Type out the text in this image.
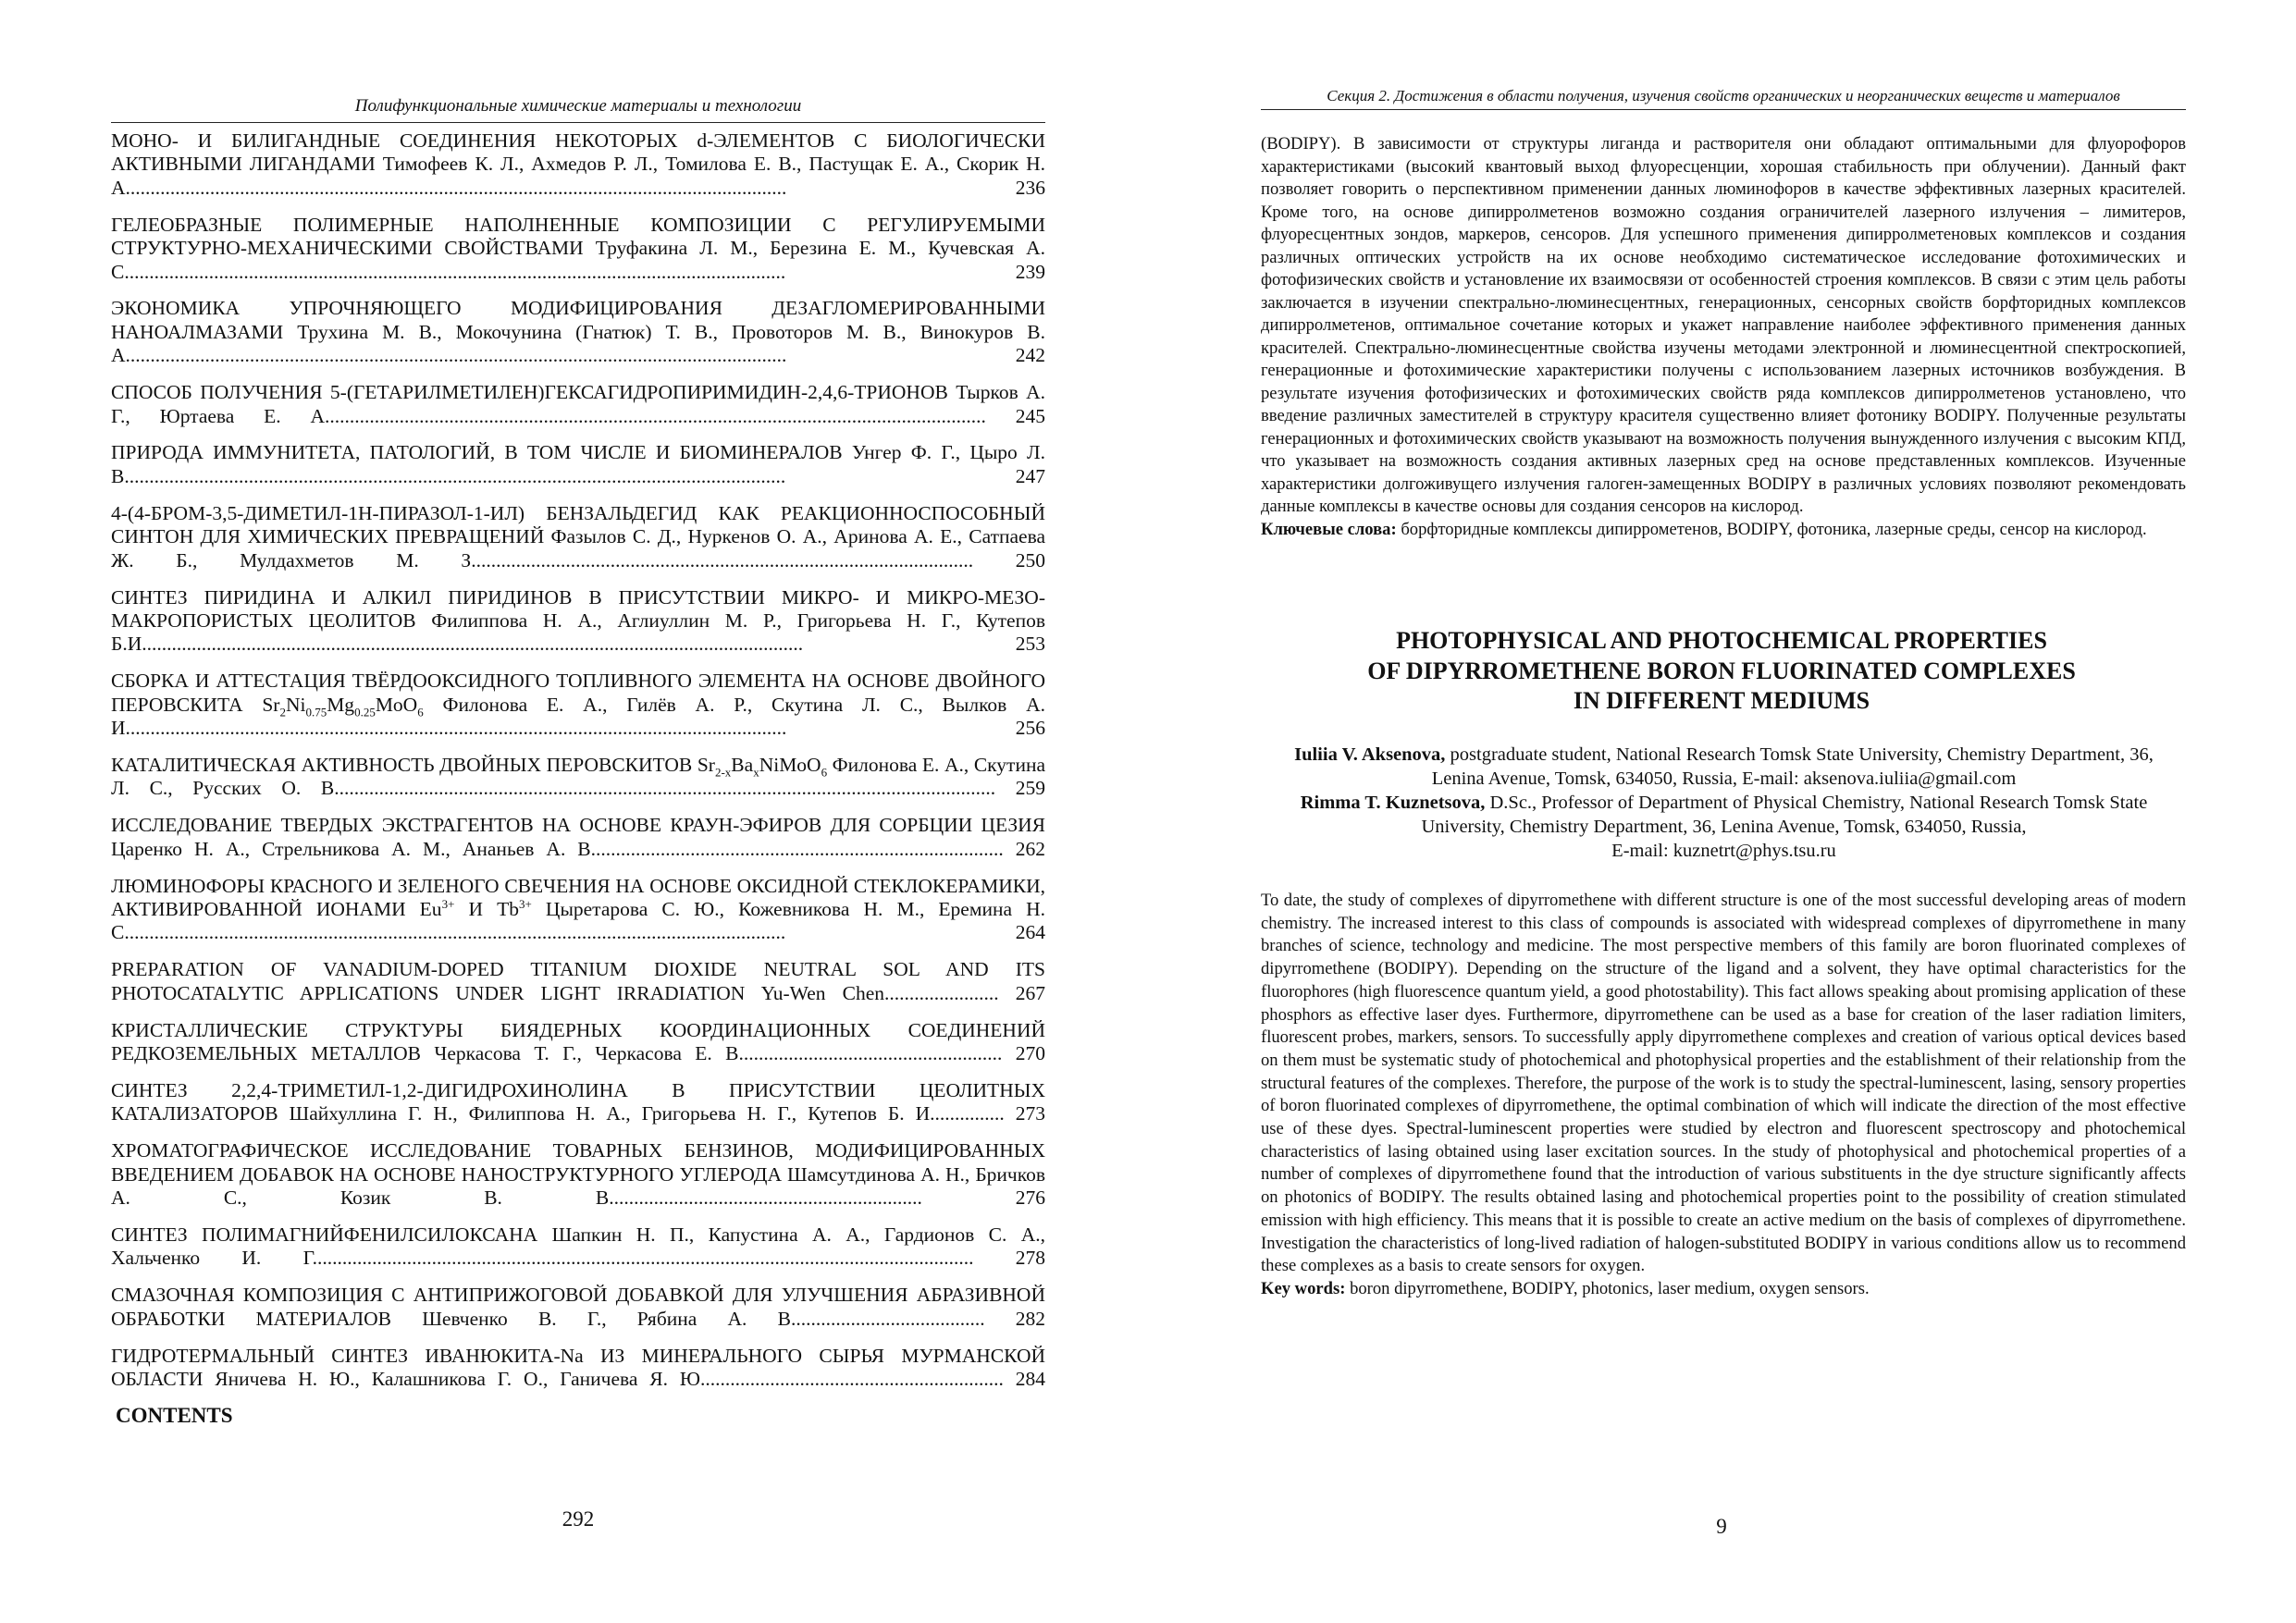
Полифункциональные химические материалы и технологии
МОНО- И БИЛИГАНДНЫЕ СОЕДИНЕНИЯ НЕКОТОРЫХ d-ЭЛЕМЕНТОВ С БИОЛОГИЧЕСКИ АКТИВНЫМИ ЛИГАНДАМИ Тимофеев К. Л., Ахмедов Р. Л., Томилова Е. В., Пастущак Е. А., Скорик Н. А.....................................................................................................................................	236
ГЕЛЕОБРАЗНЫЕ ПОЛИМЕРНЫЕ НАПОЛНЕННЫЕ КОМПОЗИЦИИ С РЕГУЛИРУЕМЫМИ СТРУКТУРНО-МЕХАНИЧЕСКИМИ СВОЙСТВАМИ Труфакина Л. М., Березина Е. М., Кучевская А. С.....................................................................................................................................	239
ЭКОНОМИКА УПРОЧНЯЮЩЕГО МОДИФИЦИРОВАНИЯ ДЕЗАГЛОМЕРИРОВАННЫМИ НАНОАЛМАЗАМИ Трухина М. В., Мокочунина (Гнатюк) Т. В., Провоторов М. В., Винокуров В. А.....................................................................................................................................	242
СПОСОБ ПОЛУЧЕНИЯ 5-(ГЕТАРИЛМЕТИЛЕН)ГЕКСАГИДРОПИРИМИДИН-2,4,6-ТРИОНОВ Тырков А. Г., Юртаева Е. А..................................................................................................................................... 245
ПРИРОДА ИММУНИТЕТА, ПАТОЛОГИЙ, В ТОМ ЧИСЛЕ И БИОМИНЕРАЛОВ Унгер Ф. Г., Цыро Л. В.....................................................................................................................................	247
4-(4-БРОМ-3,5-ДИМЕТИЛ-1Н-ПИРАЗОЛ-1-ИЛ) БЕНЗАЛЬДЕГИД КАК РЕАКЦИОННОСПОСОБНЫЙ СИНТОН ДЛЯ ХИМИЧЕСКИХ ПРЕВРАЩЕНИЙ Фазылов С. Д., Нуркенов О. А., Аринова А. Е., Сатпаева Ж. Б., Мулдахметов М. З..................................................................................................... 250
СИНТЕЗ ПИРИДИНА И АЛКИЛ ПИРИДИНОВ В ПРИСУТСТВИИ МИКРО- И МИКРО-МЕЗО-МАКРОПОРИСТЫХ ЦЕОЛИТОВ Филиппова Н. А., Аглиуллин М. Р., Григорьева Н. Г., Кутепов Б.И.....................................................................................................................................	253
СБОРКА И АТТЕСТАЦИЯ ТВЁРДООКСИДНОГО ТОПЛИВНОГО ЭЛЕМЕНТА НА ОСНОВЕ ДВОЙНОГО ПЕРОВСКИТА $Sr_2Ni_{0.75}Mg_{0.25}MoO_6$ Филонова Е. А., Гилёв А. Р., Скутина Л. С., Вылков А. И.....................................................................................................................................	256
КАТАЛИТИЧЕСКАЯ АКТИВНОСТЬ ДВОЙНЫХ ПЕРОВСКИТОВ $Sr_{2-x}Ba_xNiMoO_6$ Филонова Е. А., Скутина Л. С., Русских О. В..................................................................................................................................... 259
ИССЛЕДОВАНИЕ ТВЕРДЫХ ЭКСТРАГЕНТОВ НА ОСНОВЕ КРАУН-ЭФИРОВ ДЛЯ СОРБЦИИ ЦЕЗИЯ Царенко Н. А., Стрельникова А. М., Ананьев А. В................................................................................... 262
ЛЮМИНОФОРЫ КРАСНОГО И ЗЕЛЕНОГО СВЕЧЕНИЯ НА ОСНОВЕ ОКСИДНОЙ СТЕКЛОКЕРАМИКИ, АКТИВИРОВАННОЙ ИОНАМИ $Eu^{3+}$ И $Tb^{3+}$ Цыретарова С. Ю., Кожевникова Н. М., Еремина Н. С.....................................................................................................................................	264
PREPARATION OF VANADIUM-DOPED TITANIUM DIOXIDE NEUTRAL SOL AND ITS PHOTOCATALYTIC APPLICATIONS UNDER LIGHT IRRADIATION Yu-Wen Chen....................... 267
КРИСТАЛЛИЧЕСКИЕ СТРУКТУРЫ БИЯДЕРНЫХ КООРДИНАЦИОННЫХ СОЕДИНЕНИЙ РЕДКОЗЕМЕЛЬНЫХ МЕТАЛЛОВ Черкасова Т. Г., Черкасова Е. В..................................................... 270
СИНТЕЗ 2,2,4-ТРИМЕТИЛ-1,2-ДИГИДРОХИНОЛИНА В ПРИСУТСТВИИ ЦЕОЛИТНЫХ КАТАЛИЗАТОРОВ Шайхуллина Г. Н., Филиппова Н. А., Григорьева Н. Г., Кутепов Б. И............... 273
ХРОМАТОГРАФИЧЕСКОЕ ИССЛЕДОВАНИЕ ТОВАРНЫХ БЕНЗИНОВ, МОДИФИЦИРОВАННЫХ ВВЕДЕНИЕМ ДОБАВОК НА ОСНОВЕ НАНОСТРУКТУРНОГО УГЛЕРОДА Шамсутдинова А. Н., Бричков А. С., Козик В. В...............................................................	276
СИНТЕЗ ПОЛИМАГНИЙФЕНИЛСИЛОКСАНА Шапкин Н. П., Капустина А. А., Гардионов С. А., Хальченко И. Г..................................................................................................................................... 278
СМАЗОЧНАЯ КОМПОЗИЦИЯ С АНТИПРИЖОГОВОЙ ДОБАВКОЙ ДЛЯ УЛУЧШЕНИЯ АБРАЗИВНОЙ ОБРАБОТКИ МАТЕРИАЛОВ Шевченко В. Г., Рябина А. В....................................... 282
ГИДРОТЕРМАЛЬНЫЙ СИНТЕЗ ИВАНЮКИТА-Na ИЗ МИНЕРАЛЬНОГО СЫРЬЯ МУРМАНСКОЙ ОБЛАСТИ Яничева Н. Ю., Калашникова Г. О., Ганичева Я. Ю............................................................. 284
CONTENTS
292
Секция 2. Достижения в области получения, изучения свойств органических и неорганических веществ и материалов
(BODIPY). В зависимости от структуры лиганда и растворителя они обладают оптимальными для флуорофоров характеристиками (высокий квантовый выход флуоресценции, хорошая стабильность при облучении). Данный факт позволяет говорить о перспективном применении данных люминофоров в качестве эффективных лазерных красителей. Кроме того, на основе дипирролметенов возможно создания ограничителей лазерного излучения – лимитеров, флуоресцентных зондов, маркеров, сенсоров. Для успешного применения дипирролметеновых комплексов и создания различных оптических устройств на их основе необходимо систематическое исследование фотохимических и фотофизических свойств и установление их взаимосвязи от особенностей строения комплексов. В связи с этим цель работы заключается в изучении спектрально-люминесцентных, генерационных, сенсорных свойств борфторидных комплексов дипирролметенов, оптимальное сочетание которых и укажет направление наиболее эффективного применения данных красителей. Спектрально-люминесцентные свойства изучены методами электронной и люминесцентной спектроскопией, генерационные и фотохимические характеристики получены с использованием лазерных источников возбуждения. В результате изучения фотофизических и фотохимических свойств ряда комплексов дипирролметенов установлено, что введение различных заместителей в структуру красителя существенно влияет фотонику BODIPY. Полученные результаты генерационных и фотохимических свойств указывают на возможность получения вынужденного излучения с высоким КПД, что указывает на возможность создания активных лазерных сред на основе представленных комплексов. Изученные характеристики долгоживущего излучения галоген-замещенных BODIPY в различных условиях позволяют рекомендовать данные комплексы в качестве основы для создания сенсоров на кислород.
Ключевые слова: борфторидные комплексы дипиррометенов, BODIPY, фотоника, лазерные среды, сенсор на кислород.
PHOTOPHYSICAL AND PHOTOCHEMICAL PROPERTIES
OF DIPYRROMETHENE BORON FLUORINATED COMPLEXES
IN DIFFERENT MEDIUMS
Iuliia V. Aksenova, postgraduate student, National Research Tomsk State University, Chemistry Department, 36, Lenina Avenue, Tomsk, 634050, Russia, E-mail: aksenova.iuliia@gmail.com
Rimma T. Kuznetsova, D.Sc., Professor of Department of Physical Chemistry, National Research Tomsk State University, Chemistry Department, 36, Lenina Avenue, Tomsk, 634050, Russia,
E-mail: kuznetrt@phys.tsu.ru
To date, the study of complexes of dipyrromethene with different structure is one of the most successful developing areas of modern chemistry. The increased interest to this class of compounds is associated with widespread complexes of dipyrromethene in many branches of science, technology and medicine. The most perspective members of this family are boron fluorinated complexes of dipyrromethene (BODIPY). Depending on the structure of the ligand and a solvent, they have optimal characteristics for the fluorophores (high fluorescence quantum yield, a good photostability). This fact allows speaking about promising application of these phosphors as effective laser dyes. Furthermore, dipyrromethene can be used as a base for creation of the laser radiation limiters, fluorescent probes, markers, sensors. To successfully apply dipyrromethene complexes and creation of various optical devices based on them must be systematic study of photochemical and photophysical properties and the establishment of their relationship from the structural features of the complexes. Therefore, the purpose of the work is to study the spectral-luminescent, lasing, sensory properties of boron fluorinated complexes of dipyrromethene, the optimal combination of which will indicate the direction of the most effective use of these dyes. Spectral-luminescent properties were studied by electron and fluorescent spectroscopy and photochemical characteristics of lasing obtained using laser excitation sources. In the study of photophysical and photochemical properties of a number of complexes of dipyrromethene found that the introduction of various substituents in the dye structure significantly affects on photonics of BODIPY. The results obtained lasing and photochemical properties point to the possibility of creation stimulated emission with high efficiency. This means that it is possible to create an active medium on the basis of complexes of dipyrromethene. Investigation the characteristics of long-lived radiation of halogen-substituted BODIPY in various conditions allow us to recommend these complexes as a basis to create sensors for oxygen.
Key words: boron dipyrromethene, BODIPY, photonics, laser medium, oxygen sensors.
9
